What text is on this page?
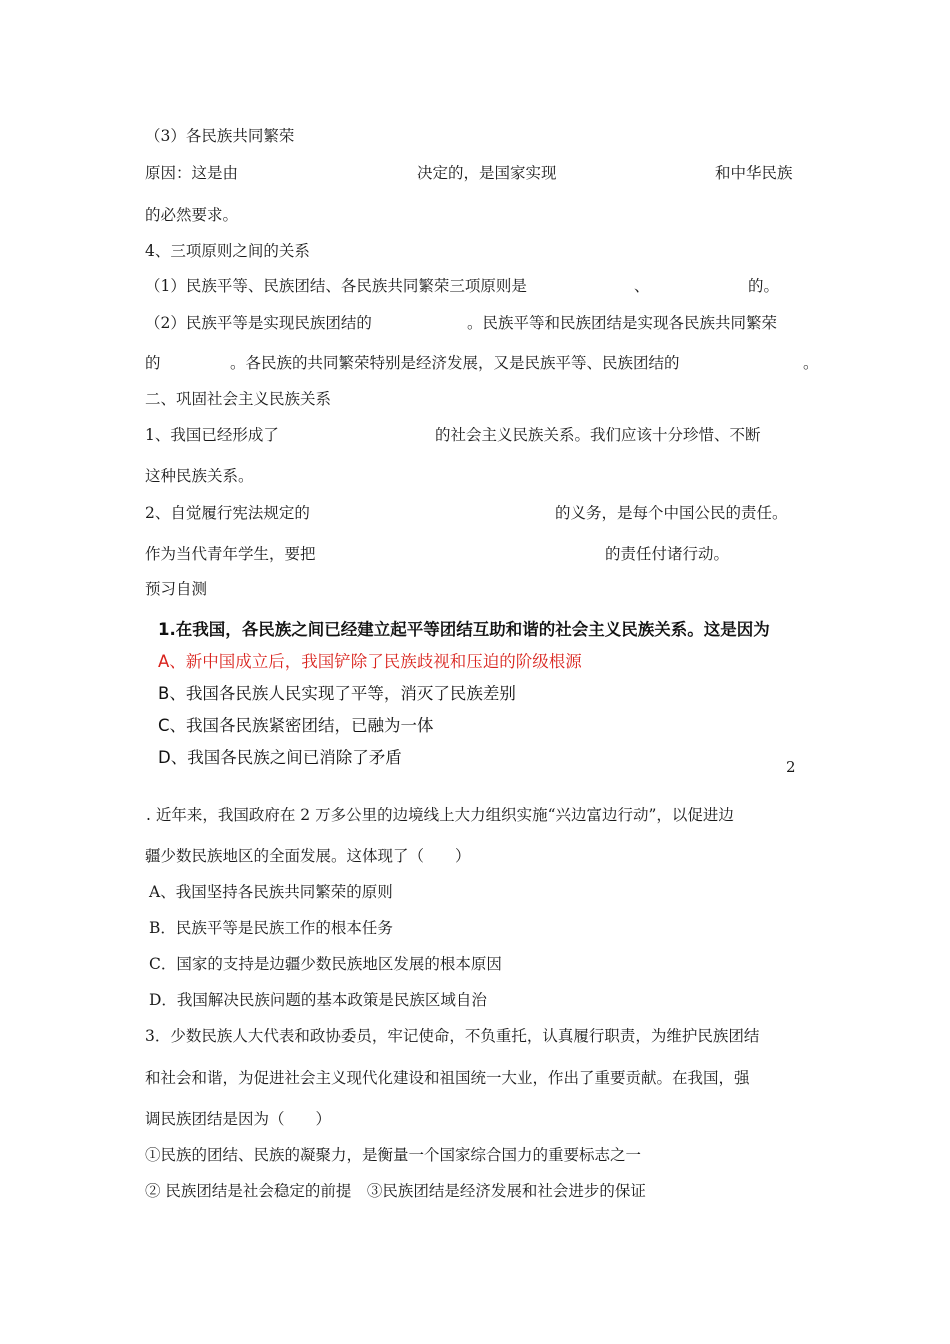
（3）各民族共同繁荣
原因：这是由	决定的，是国家实现	和中华民族
的必然要求。
4、三项原则之间的关系
（1）民族平等、民族团结、各民族共同繁荣三项原则是	、	的。
（2）民族平等是实现民族团结的	。民族平等和民族团结是实现各民族共同繁荣
的	。各民族的共同繁荣特别是经济发展，又是民族平等、民族团结的	。
二、巩固社会主义民族关系
1、我国已经形成了	的社会主义民族关系。我们应该十分珍惜、不断
这种民族关系。
2、自觉履行宪法规定的	的义务，是每个中国公民的责任。
作为当代青年学生，要把	的责任付诸行动。
预习自测
1.在我国，各民族之间已经建立起平等团结互助和谐的社会主义民族关系。这是因为
A、新中国成立后，我国铲除了民族歧视和压迫的阶级根源
B、我国各民族人民实现了平等，消灭了民族差别
C、我国各民族紧密团结，已融为一体
D、我国各民族之间已消除了矛盾	2
. 近年来，我国政府在 2 万多公里的边境线上大力组织实施“兴边富边行动”，以促进边
疆少数民族地区的全面发展。这体现了（　　）
A、我国坚持各民族共同繁荣的原则
B．民族平等是民族工作的根本任务
C．国家的支持是边疆少数民族地区发展的根本原因
D．我国解决民族问题的基本政策是民族区域自治
3．少数民族人大代表和政协委员，牢记使命，不负重托，认真履行职责，为维护民族团结
和社会和谐，为促进社会主义现代化建设和祖国统一大业，作出了重要贡献。在我国，强
调民族团结是因为（　　）
①民族的团结、民族的凝聚力，是衡量一个国家综合国力的重要标志之一
② 民族团结是社会稳定的前提　③民族团结是经济发展和社会进步的保证
